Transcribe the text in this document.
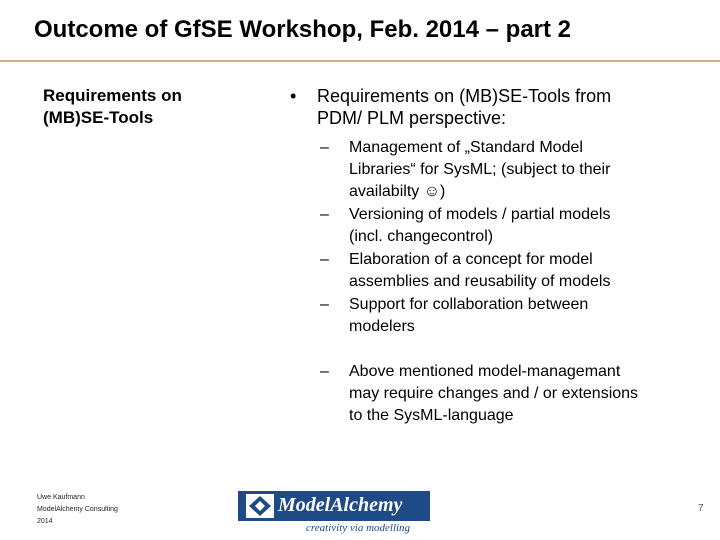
Outcome of GfSE Workshop, Feb. 2014 – part 2
Requirements on
(MB)SE-Tools
•	Requirements on (MB)SE-Tools from
PDM/ PLM perspective:
–	Management of „Standard Model
Libraries“ for SysML; (subject to their
availabilty ☺)
–	Versioning of models / partial models
(incl. changecontrol)
–	Elaboration of a concept for model
assemblies and reusability of models
–	Support for collaboration between
modelers
–	Above mentioned model-managemant
may require changes and / or extensions
to the SysML-language
Uwe Kaufmann
ModelAlchemy Consulting
2014
ModelAlchemy
creativity via modelling
7
